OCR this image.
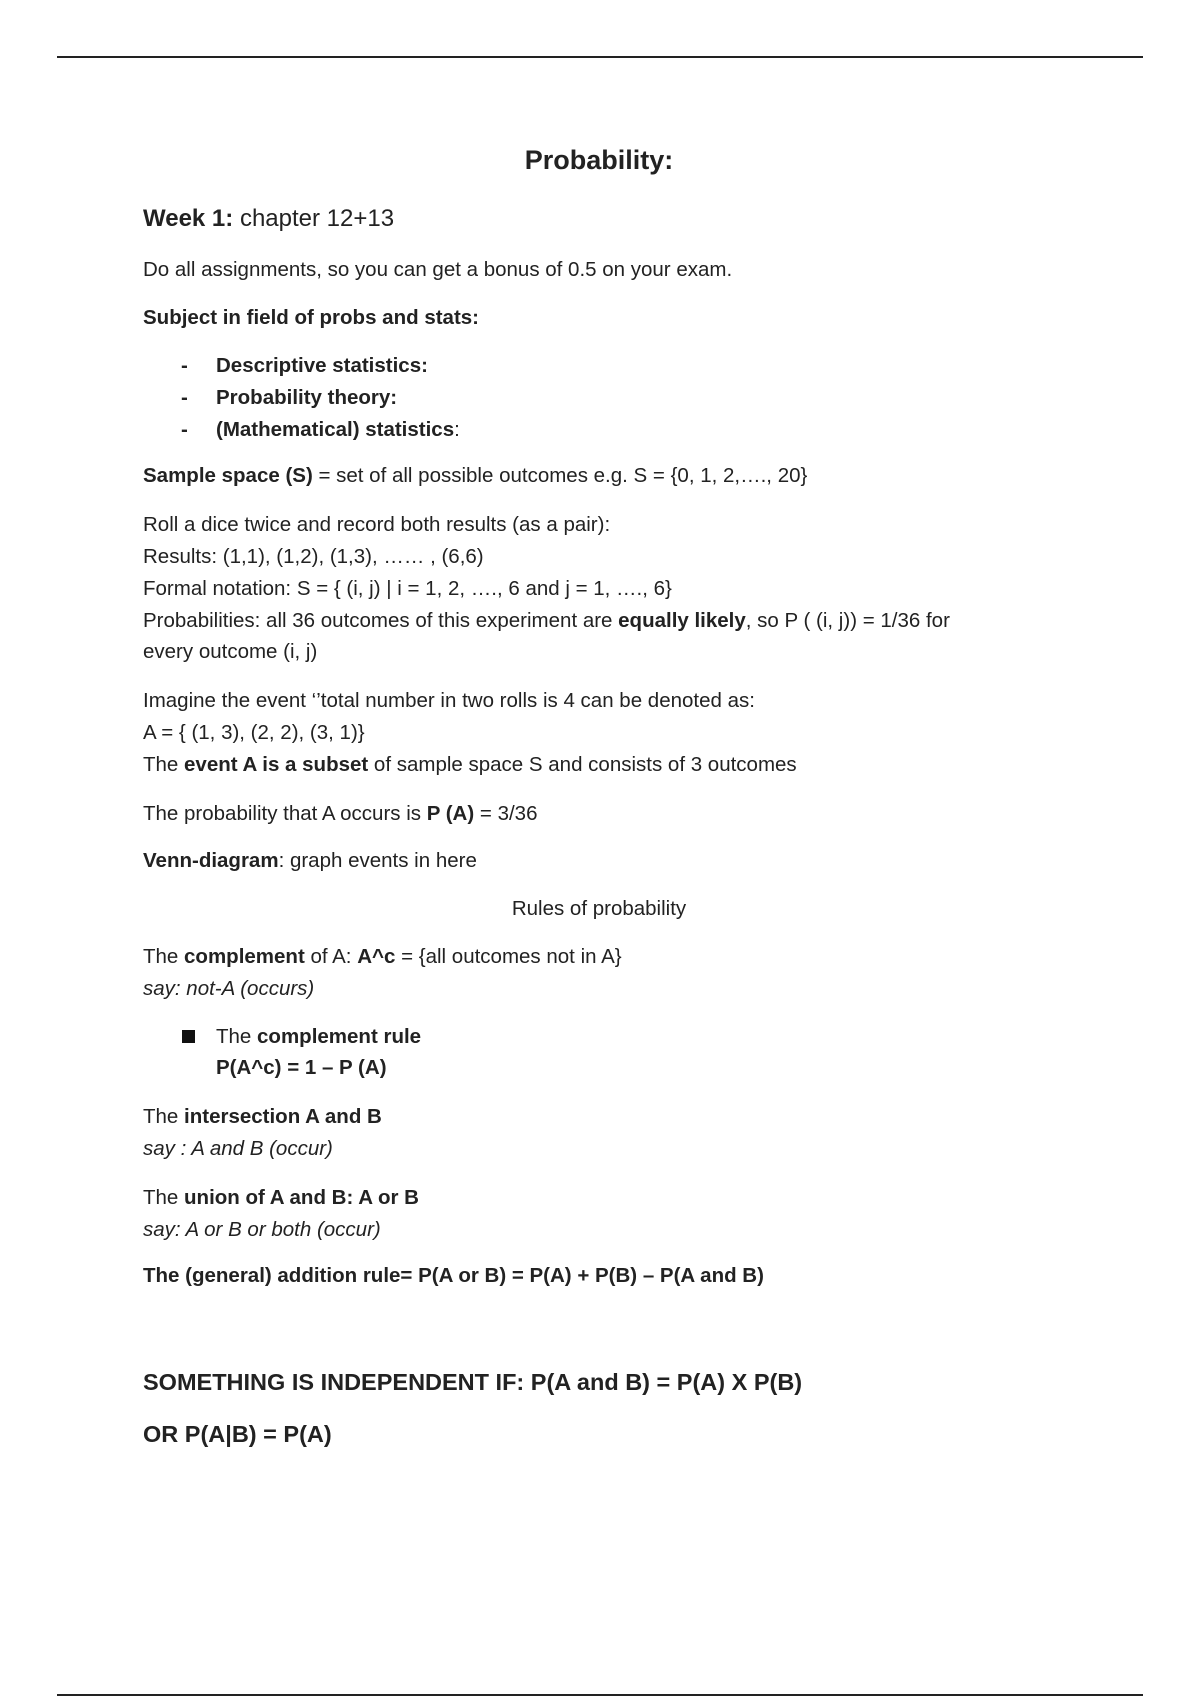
Probability:
Week 1: chapter 12+13
Do all assignments, so you can get a bonus of 0.5 on your exam.
Subject in field of probs and stats:
- Descriptive statistics:
- Probability theory:
- (Mathematical) statistics:
Sample space (S) = set of all possible outcomes e.g. S = {0, 1, 2,…., 20}
Roll a dice twice and record both results (as a pair):
Results: (1,1), (1,2), (1,3), …… , (6,6)
Formal notation: S = { (i, j) | i = 1, 2, …., 6 and j = 1, …., 6}
Probabilities: all 36 outcomes of this experiment are equally likely, so P ( (i, j)) = 1/36 for
every outcome (i, j)
Imagine the event ‘’total number in two rolls is 4 can be denoted as:
A = { (1, 3), (2, 2), (3, 1)}
The event A is a subset of sample space S and consists of 3 outcomes
The probability that A occurs is P (A) = 3/36
Venn-diagram: graph events in here
Rules of probability
The complement of A: A^c = {all outcomes not in A}
say: not-A (occurs)
The complement rule
P(A^c) = 1 – P (A)
The intersection A and B
say : A and B (occur)
The union of A and B: A or B
say: A or B or both (occur)
The (general) addition rule= P(A or B) = P(A) + P(B) – P(A and B)
SOMETHING IS INDEPENDENT IF: P(A and B) = P(A) X P(B)
OR P(A|B) = P(A)
